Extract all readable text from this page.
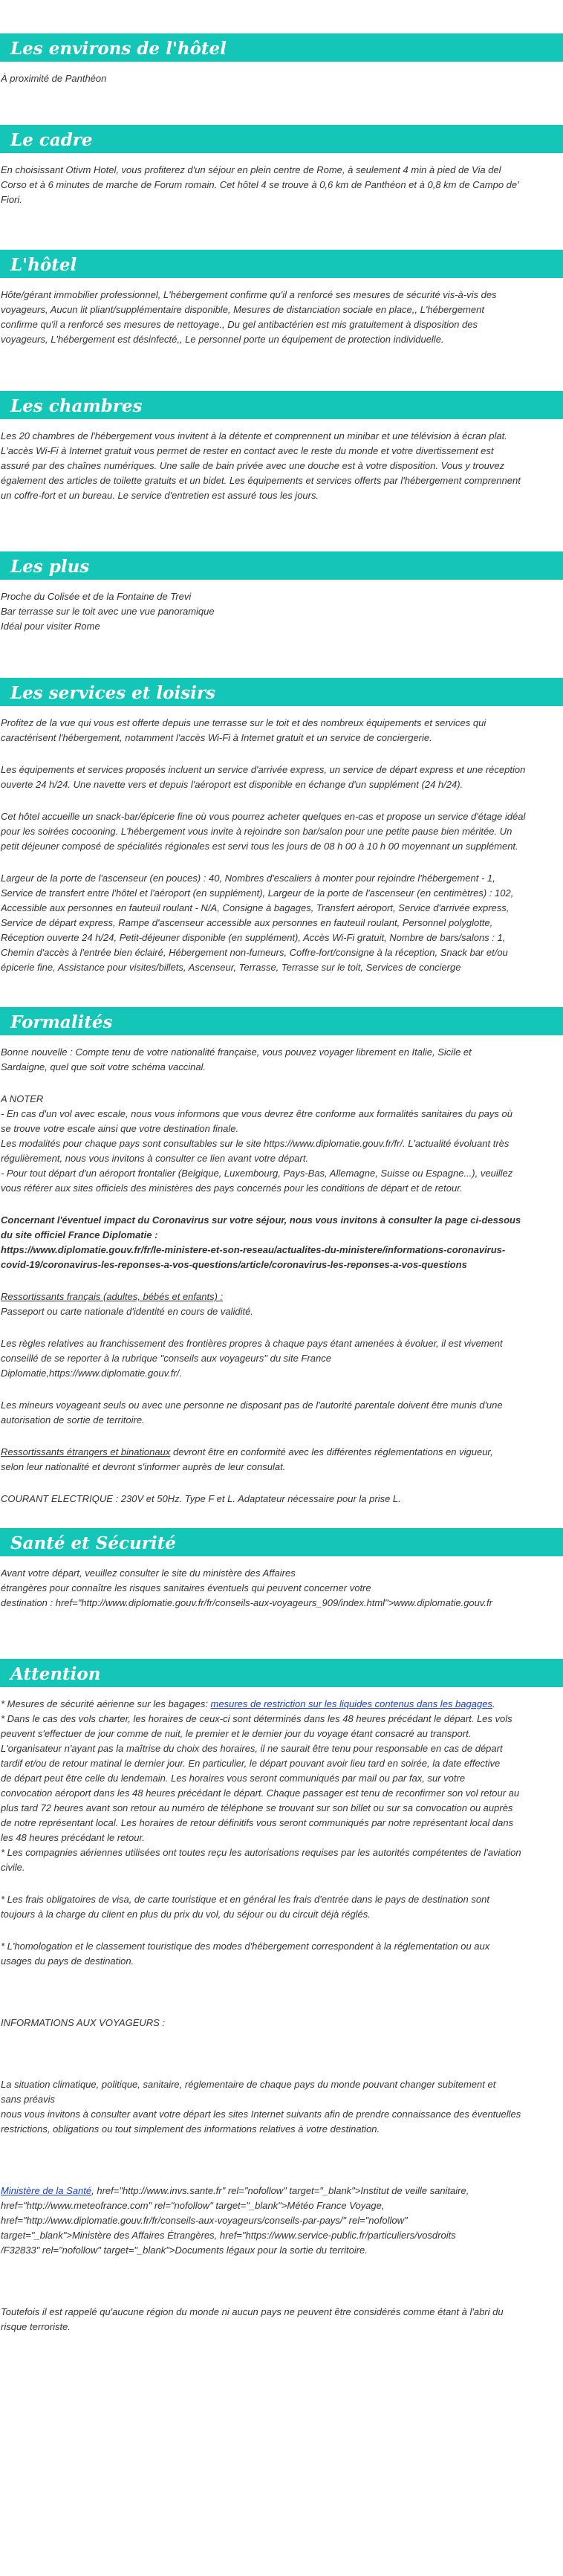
Les environs de l'hôtel
À proximité de Panthéon
Le cadre
En choisissant Otivm Hotel, vous profiterez d'un séjour en plein centre de Rome, à seulement 4 min à pied de Via del
Corso et à 6 minutes de marche de Forum romain. Cet hôtel 4 se trouve à 0,6 km de Panthéon et à 0,8 km de Campo de'
Fiori.
L'hôtel
Hôte/gérant immobilier professionnel, L'hébergement confirme qu'il a renforcé ses mesures de sécurité vis-à-vis des
voyageurs, Aucun lit pliant/supplémentaire disponible, Mesures de distanciation sociale en place,, L'hébergement
confirme qu'il a renforcé ses mesures de nettoyage., Du gel antibactérien est mis gratuitement à disposition des
voyageurs, L'hébergement est désinfecté,, Le personnel porte un équipement de protection individuelle.
Les chambres
Les 20 chambres de l'hébergement vous invitent à la détente et comprennent un minibar et une télévision à écran plat.
L'accès Wi-Fi à Internet gratuit vous permet de rester en contact avec le reste du monde et votre divertissement est
assuré par des chaînes numériques. Une salle de bain privée avec une douche est à votre disposition. Vous y trouvez
également des articles de toilette gratuits et un bidet. Les équipements et services offerts par l'hébergement comprennent
un coffre-fort et un bureau. Le service d'entretien est assuré tous les jours.
Les plus
Proche du Colisée et de la Fontaine de Trevi
Bar terrasse sur le toit avec une vue panoramique
Idéal pour visiter Rome
Les services et loisirs
Profitez de la vue qui vous est offerte depuis une terrasse sur le toit et des nombreux équipements et services qui
caractérisent l'hébergement, notamment l'accès Wi-Fi à Internet gratuit et un service de conciergerie.
Les équipements et services proposés incluent un service d'arrivée express, un service de départ express et une réception
ouverte 24 h/24. Une navette vers et depuis l'aéroport est disponible en échange d'un supplément (24 h/24).
Cet hôtel accueille un snack-bar/épicerie fine où vous pourrez acheter quelques en-cas et propose un service d'étage idéal
pour les soirées cocooning. L'hébergement vous invite à rejoindre son bar/salon pour une petite pause bien méritée. Un
petit déjeuner composé de spécialités régionales est servi tous les jours de 08 h 00 à 10 h 00 moyennant un supplément.
Largeur de la porte de l'ascenseur (en pouces) : 40, Nombres d'escaliers à monter pour rejoindre l'hébergement - 1,
Service de transfert entre l'hôtel et l'aéroport (en supplément), Largeur de la porte de l'ascenseur (en centimètres) : 102,
Accessible aux personnes en fauteuil roulant - N/A, Consigne à bagages, Transfert aéroport, Service d'arrivée express,
Service de départ express, Rampe d'ascenseur accessible aux personnes en fauteuil roulant, Personnel polyglotte,
Réception ouverte 24 h/24, Petit-déjeuner disponible (en supplément), Accès Wi-Fi gratuit, Nombre de bars/salons : 1,
Chemin d'accès à l'entrée bien éclairé, Hébergement non-fumeurs, Coffre-fort/consigne à la réception, Snack bar et/ou
épicerie fine, Assistance pour visites/billets, Ascenseur, Terrasse, Terrasse sur le toit, Services de concierge
Formalités
Bonne nouvelle : Compte tenu de votre nationalité française, vous pouvez voyager librement en Italie, Sicile et
Sardaigne, quel que soit votre schéma vaccinal.
A NOTER
- En cas d'un vol avec escale, nous vous informons que vous devrez être conforme aux formalités sanitaires du pays où
se trouve votre escale ainsi que votre destination finale.
Les modalités pour chaque pays sont consultables sur le site https://www.diplomatie.gouv.fr/fr/. L'actualité évoluant très
régulièrement, nous vous invitons à consulter ce lien avant votre départ.
- Pour tout départ d'un aéroport frontalier (Belgique, Luxembourg, Pays-Bas, Allemagne, Suisse ou Espagne...), veuillez
vous référer aux sites officiels des ministères des pays concernés pour les conditions de départ et de retour.
Concernant l'éventuel impact du Coronavirus sur votre séjour, nous vous invitons à consulter la page ci-dessous
du site officiel France Diplomatie :
https://www.diplomatie.gouv.fr/fr/le-ministere-et-son-reseau/actualites-du-ministere/informations-coronavirus-
covid-19/coronavirus-les-reponses-a-vos-questions/article/coronavirus-les-reponses-a-vos-questions
Ressortissants français (adultes, bébés et enfants) :
Passeport ou carte nationale d'identité en cours de validité.
Les règles relatives au franchissement des frontières propres à chaque pays étant amenées à évoluer, il est vivement
conseillé de se reporter à la rubrique "conseils aux voyageurs" du site France
Diplomatie,https://www.diplomatie.gouv.fr/.
Les mineurs voyageant seuls ou avec une personne ne disposant pas de l'autorité parentale doivent être munis d'une
autorisation de sortie de territoire.
Ressortissants étrangers et binationaux devront être en conformité avec les différentes réglementations en vigueur,
selon leur nationalité et devront s'informer auprès de leur consulat.
COURANT ELECTRIQUE : 230V et 50Hz. Type F et L. Adaptateur nécessaire pour la prise L.
Santé et Sécurité
Avant votre départ, veuillez consulter le site du ministère des Affaires
étrangères pour connaître les risques sanitaires éventuels qui peuvent concerner votre
destination : href="http://www.diplomatie.gouv.fr/fr/conseils-aux-voyageurs_909/index.html">www.diplomatie.gouv.fr
Attention
* Mesures de sécurité aérienne sur les bagages: mesures de restriction sur les liquides contenus dans les bagages.
* Dans le cas des vols charter, les horaires de ceux-ci sont déterminés dans les 48 heures précédant le départ. Les vols
peuvent s'effectuer de jour comme de nuit, le premier et le dernier jour du voyage étant consacré au transport.
L'organisateur n'ayant pas la maîtrise du choix des horaires, il ne saurait être tenu pour responsable en cas de départ
tardif et/ou de retour matinal le dernier jour. En particulier, le départ pouvant avoir lieu tard en soirée, la date effective
de départ peut être celle du lendemain. Les horaires vous seront communiqués par mail ou par fax, sur votre
convocation aéroport dans les 48 heures précédant le départ. Chaque passager est tenu de reconfirmer son vol retour au
plus tard 72 heures avant son retour au numéro de téléphone se trouvant sur son billet ou sur sa convocation ou auprès
de notre représentant local. Les horaires de retour définitifs vous seront communiqués par notre représentant local dans
les 48 heures précédant le retour.
* Les compagnies aériennes utilisées ont toutes reçu les autorisations requises par les autorités compétentes de l'aviation
civile.
* Les frais obligatoires de visa, de carte touristique et en général les frais d'entrée dans le pays de destination sont
toujours à la charge du client en plus du prix du vol, du séjour ou du circuit déjà réglés.
* L'homologation et le classement touristique des modes d'hébergement correspondent à la réglementation ou aux
usages du pays de destination.
INFORMATIONS AUX VOYAGEURS :
La situation climatique, politique, sanitaire, réglementaire de chaque pays du monde pouvant changer subitement et
sans préavis
nous vous invitons à consulter avant votre départ les sites Internet suivants afin de prendre connaissance des éventuelles
restrictions, obligations ou tout simplement des informations relatives à votre destination.
Ministère de la Santé, href="http://www.invs.sante.fr" rel="nofollow" target="_blank">Institut de veille sanitaire,
href="http://www.meteofrance.com" rel="nofollow" target="_blank">Météo France Voyage,
href="http://www.diplomatie.gouv.fr/fr/conseils-aux-voyageurs/conseils-par-pays/" rel="nofollow"
target="_blank">Ministère des Affaires Étrangères, href="https://www.service-public.fr/particuliers/vosdroits
/F32833" rel="nofollow" target="_blank">Documents légaux pour la sortie du territoire.
Toutefois il est rappelé qu'aucune région du monde ni aucun pays ne peuvent être considérés comme étant à l'abri du
risque terroriste.
